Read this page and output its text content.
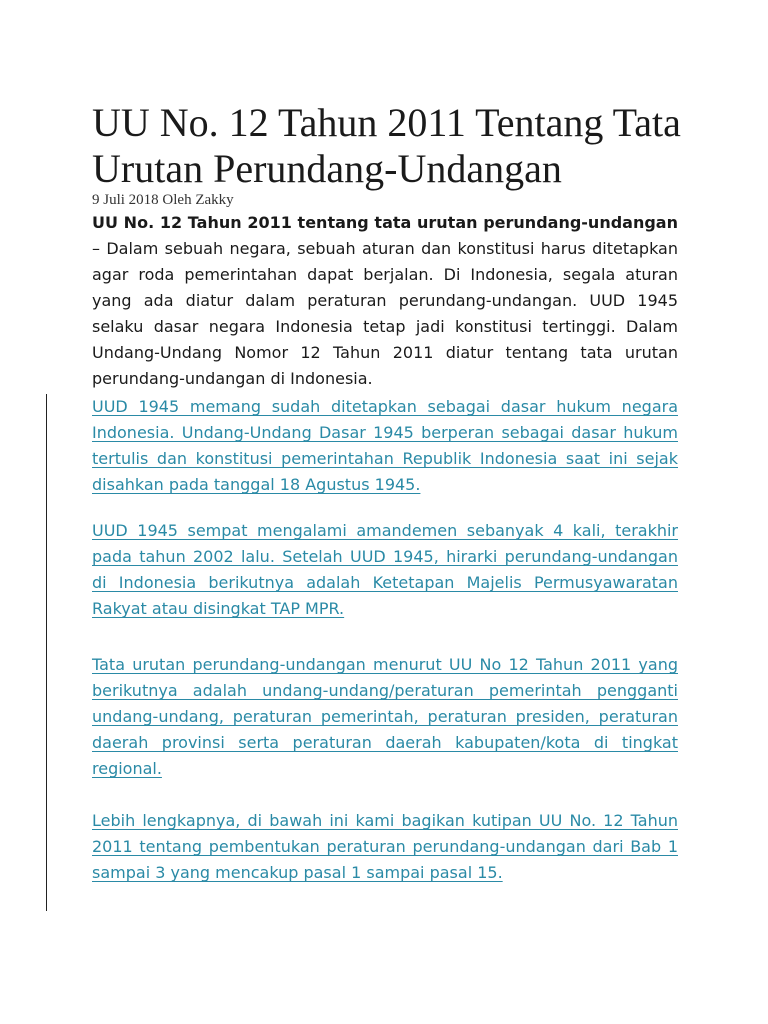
UU No. 12 Tahun 2011 Tentang Tata Urutan Perundang-Undangan
9 Juli 2018 Oleh Zakky

UU No. 12 Tahun 2011 tentang tata urutan perundang-undangan – Dalam sebuah negara, sebuah aturan dan konstitusi harus ditetapkan agar roda pemerintahan dapat berjalan. Di Indonesia, segala aturan yang ada diatur dalam peraturan perundang-undangan. UUD 1945 selaku dasar negara Indonesia tetap jadi konstitusi tertinggi. Dalam Undang-Undang Nomor 12 Tahun 2011 diatur tentang tata urutan perundang-undangan di Indonesia.

UUD 1945 memang sudah ditetapkan sebagai dasar hukum negara Indonesia. Undang-Undang Dasar 1945 berperan sebagai dasar hukum tertulis dan konstitusi pemerintahan Republik Indonesia saat ini sejak disahkan pada tanggal 18 Agustus 1945.

UUD 1945 sempat mengalami amandemen sebanyak 4 kali, terakhir pada tahun 2002 lalu. Setelah UUD 1945, hirarki perundang-undangan di Indonesia berikutnya adalah Ketetapan Majelis Permusyawaratan Rakyat atau disingkat TAP MPR.

Tata urutan perundang-undangan menurut UU No 12 Tahun 2011 yang berikutnya adalah undang-undang/peraturan pemerintah pengganti undang-undang, peraturan pemerintah, peraturan presiden, peraturan daerah provinsi serta peraturan daerah kabupaten/kota di tingkat regional.

Lebih lengkapnya, di bawah ini kami bagikan kutipan UU No. 12 Tahun 2011 tentang pembentukan peraturan perundang-undangan dari Bab 1 sampai 3 yang mencakup pasal 1 sampai pasal 15.
